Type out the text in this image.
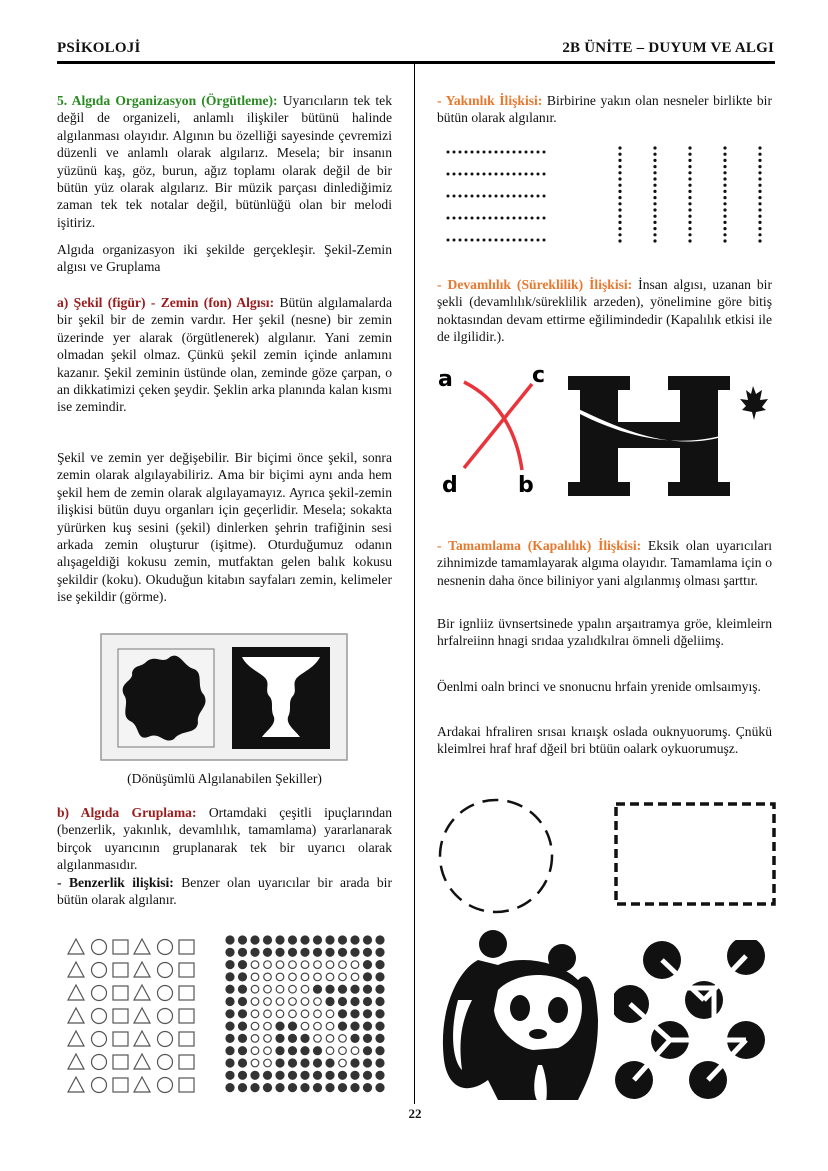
PSİKOLOJİ	2B ÜNİTE – DUYUM VE ALGI

5. Algıda Organizasyon (Örgütleme): Uyarıcıların tek tek değil de organizeli, anlamlı ilişkiler bütünü halinde algılanması olayıdır. Algının bu özelliği sayesinde çevremizi düzenli ve anlamlı olarak algılarız. Mesela; bir insanın yüzünü kaş, göz, burun, ağız toplamı olarak değil de bir bütün yüz olarak algılarız. Bir müzik parçası dinlediğimiz zaman tek tek notalar değil, bütünlüğü olan bir melodi işitiriz.

Algıda organizasyon iki şekilde gerçekleşir. Şekil-Zemin algısı ve Gruplama

a) Şekil (figür) - Zemin (fon) Algısı: Bütün algılamalarda bir şekil bir de zemin vardır. Her şekil (nesne) bir zemin üzerinde yer alarak (örgütlenerek) algılanır. Yani zemin olmadan şekil olmaz. Çünkü şekil zemin içinde anlamını kazanır. Şekil zeminin üstünde olan, zeminde göze çarpan, o an dikkatimizi çeken şeydir. Şeklin arka planında kalan kısmı ise zemindir.

Şekil ve zemin yer değişebilir. Bir biçimi önce şekil, sonra zemin olarak algılayabiliriz. Ama bir biçimi aynı anda hem şekil hem de zemin olarak algılayamayız. Ayrıca şekil-zemin ilişkisi bütün duyu organları için geçerlidir. Mesela; sokakta yürürken kuş sesini (şekil) dinlerken şehrin trafiğinin sesi arkada zemin oluşturur (işitme). Oturduğumuz odanın alışageldiği kokusu zemin, mutfaktan gelen balık kokusu şekildir (koku). Okuduğun kitabın sayfaları zemin, kelimeler ise şekildir (görme).

(Dönüşümlü Algılanabilen Şekiller)

b) Algıda Gruplama: Ortamdaki çeşitli ipuçlarından (benzerlik, yakınlık, devamlılık, tamamlama) yararlanarak birçok uyarıcının gruplanarak tek bir uyarıcı olarak algılanmasıdır.

- Benzerlik ilişkisi: Benzer olan uyarıcılar bir arada bir bütün olarak algılanır.

- Yakınlık İlişkisi: Birbirine yakın olan nesneler birlikte bir bütün olarak algılanır.

- Devamlılık (Süreklilik) İlişkisi: İnsan algısı, uzanan bir şekli (devamlılık/süreklilik arzeden), yönelimine göre bitiş noktasından devam ettirme eğilimindedir (Kapalılık etkisi ile de ilgilidir.).

a	c
d	b

- Tamamlama (Kapalılık) İlişkisi: Eksik olan uyarıcıları zihnimizde tamamlayarak algıma olayıdır. Tamamlama için o nesnenin daha önce biliniyor yani algılanmış olması şarttır.

Bir ignliiz üvnsertsinede ypalın arşaıtramya gröe, kleimleirn hrfalreiinn hnagi srıdaa yzalıdkılraı ömneli dğeliimş.

Öenlmi oaln brinci ve snonucnu hrfain yrenide omlsaımyış.

Ardakai hfraliren srısaı krıaışk oslada ouknyuorumş. Çnükü kleimlrei hraf hraf dğeil bri btüün oalark oykuorumuşz.

22
